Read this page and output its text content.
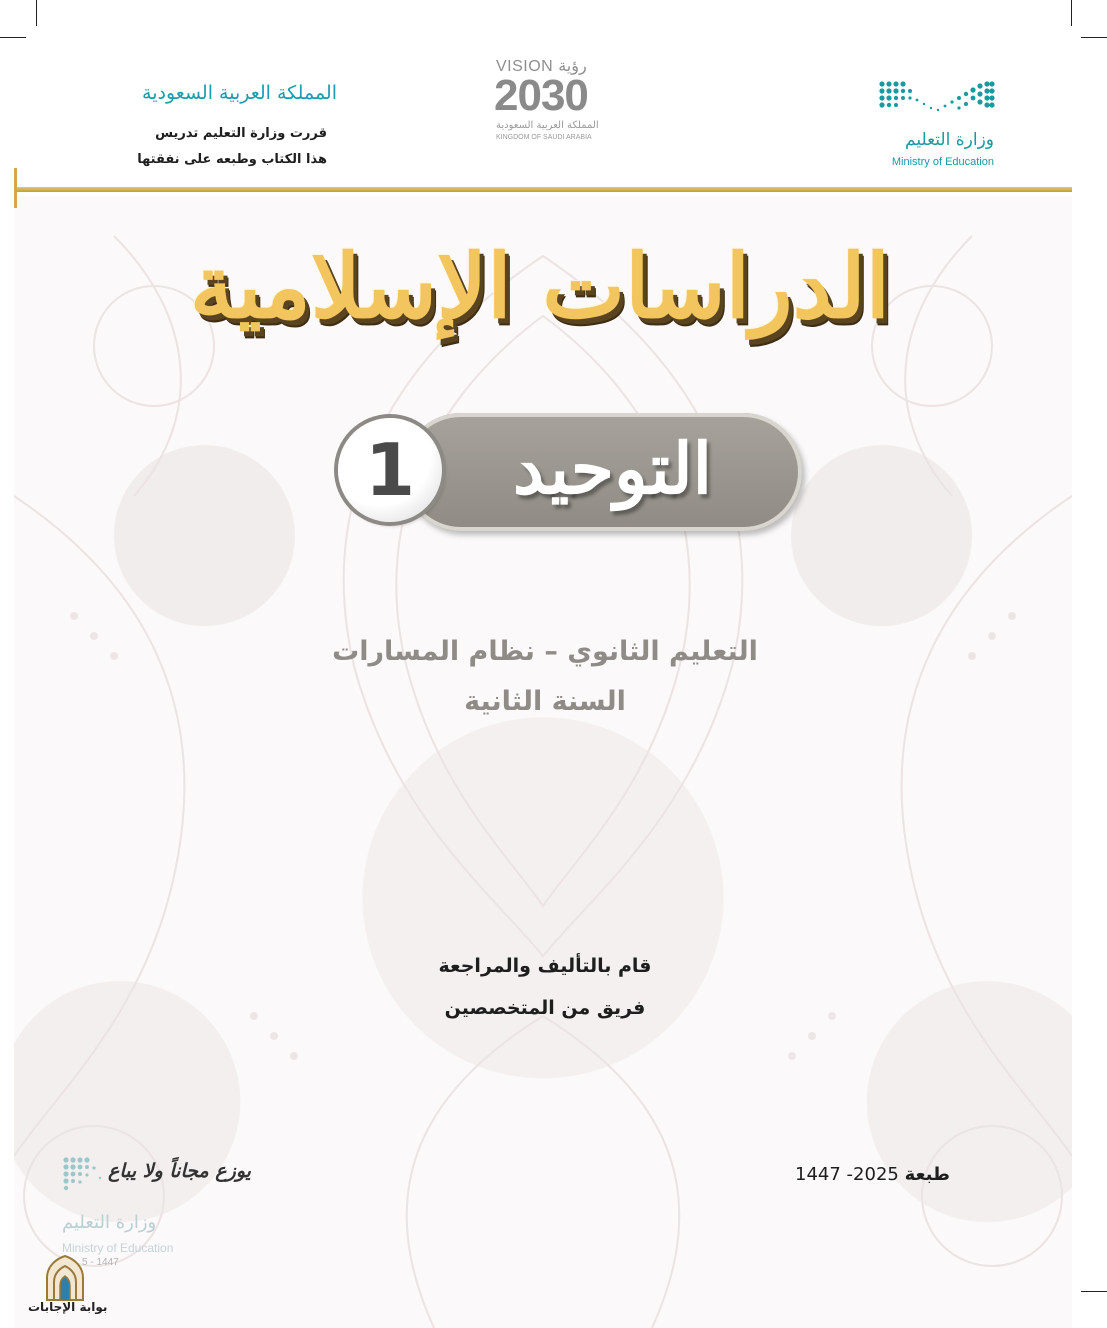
وزارة التعليم
Ministry of Education
VISION رؤية
2030
المملكة العربية السعودية
KINGDOM OF SAUDI ARABIA
المملكة العربية السعودية
قررت وزارة التعليم تدريس
هذا الكتاب وطبعه على نفقتها
الدراسات الإسلامية
التوحيد
1
التعليم الثانوي – نظام المسارات
السنة الثانية
قام بالتأليف والمراجعة
فريق من المتخصصين
1447 -2025 طبعة
يوزع مجاناً ولا يباع
وزارة التعليم
Ministry of Education
5 - 1447
بوابة الإجابات
